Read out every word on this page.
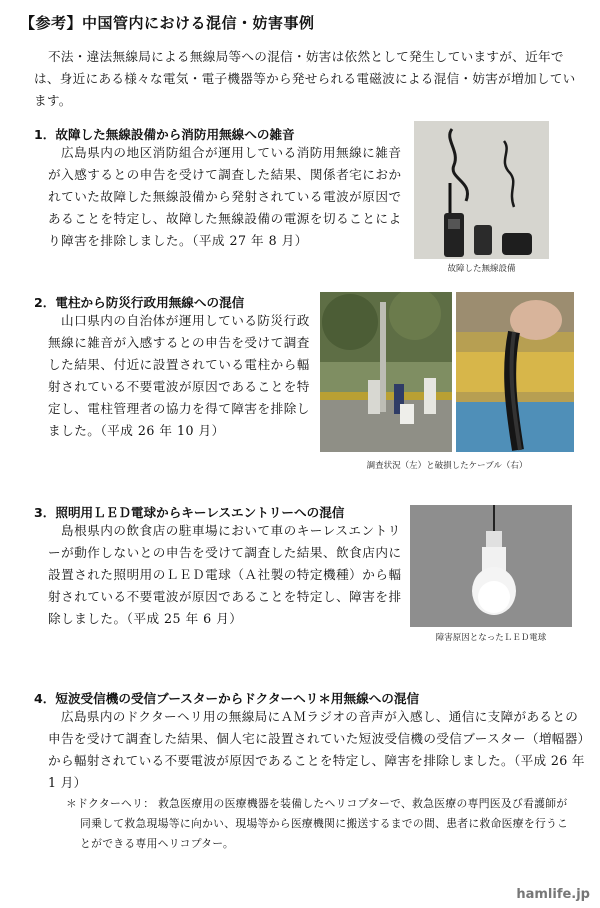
【参考】中国管内における混信・妨害事例
不法・違法無線局による無線局等への混信・妨害は依然として発生していますが、近年では、身近にある様々な電気・電子機器等から発せられる電磁波による混信・妨害が増加しています。
1．故障した無線設備から消防用無線への雑音
広島県内の地区消防組合が運用している消防用無線に雑音が入感するとの申告を受けて調査した結果、関係者宅におかれていた故障した無線設備から発射されている電波が原因であることを特定し、故障した無線設備の電源を切ることにより障害を排除しました。（平成 27 年 8 月）
故障した無線設備
2．電柱から防災行政用無線への混信
山口県内の自治体が運用している防災行政無線に雑音が入感するとの申告を受けて調査した結果、付近に設置されている電柱から輻射されている不要電波が原因であることを特定し、電柱管理者の協力を得て障害を排除しました。（平成 26 年 10 月）
調査状況（左）と破損したケーブル（右）
3．照明用ＬＥＤ電球からキーレスエントリーへの混信
島根県内の飲食店の駐車場において車のキーレスエントリーが動作しないとの申告を受けて調査した結果、飲食店内に設置された照明用のＬＥＤ電球（Ａ社製の特定機種）から輻射されている不要電波が原因であることを特定し、障害を排除しました。（平成 25 年 6 月）
障害原因となったＬＥＤ電球
4．短波受信機の受信ブースターからドクターヘリ＊用無線への混信
広島県内のドクターヘリ用の無線局にＡＭラジオの音声が入感し、通信に支障があるとの申告を受けて調査した結果、個人宅に設置されていた短波受信機の受信ブースター（増幅器）から輻射されている不要電波が原因であることを特定し、障害を排除しました。（平成 26 年 1 月）
＊ドクターヘリ： 救急医療用の医療機器を装備したヘリコプターで、救急医療の専門医及び看護師が同乗して救急現場等に向かい、現場等から医療機関に搬送するまでの間、患者に救命医療を行うことができる専用ヘリコプター。
hamlife.jp
